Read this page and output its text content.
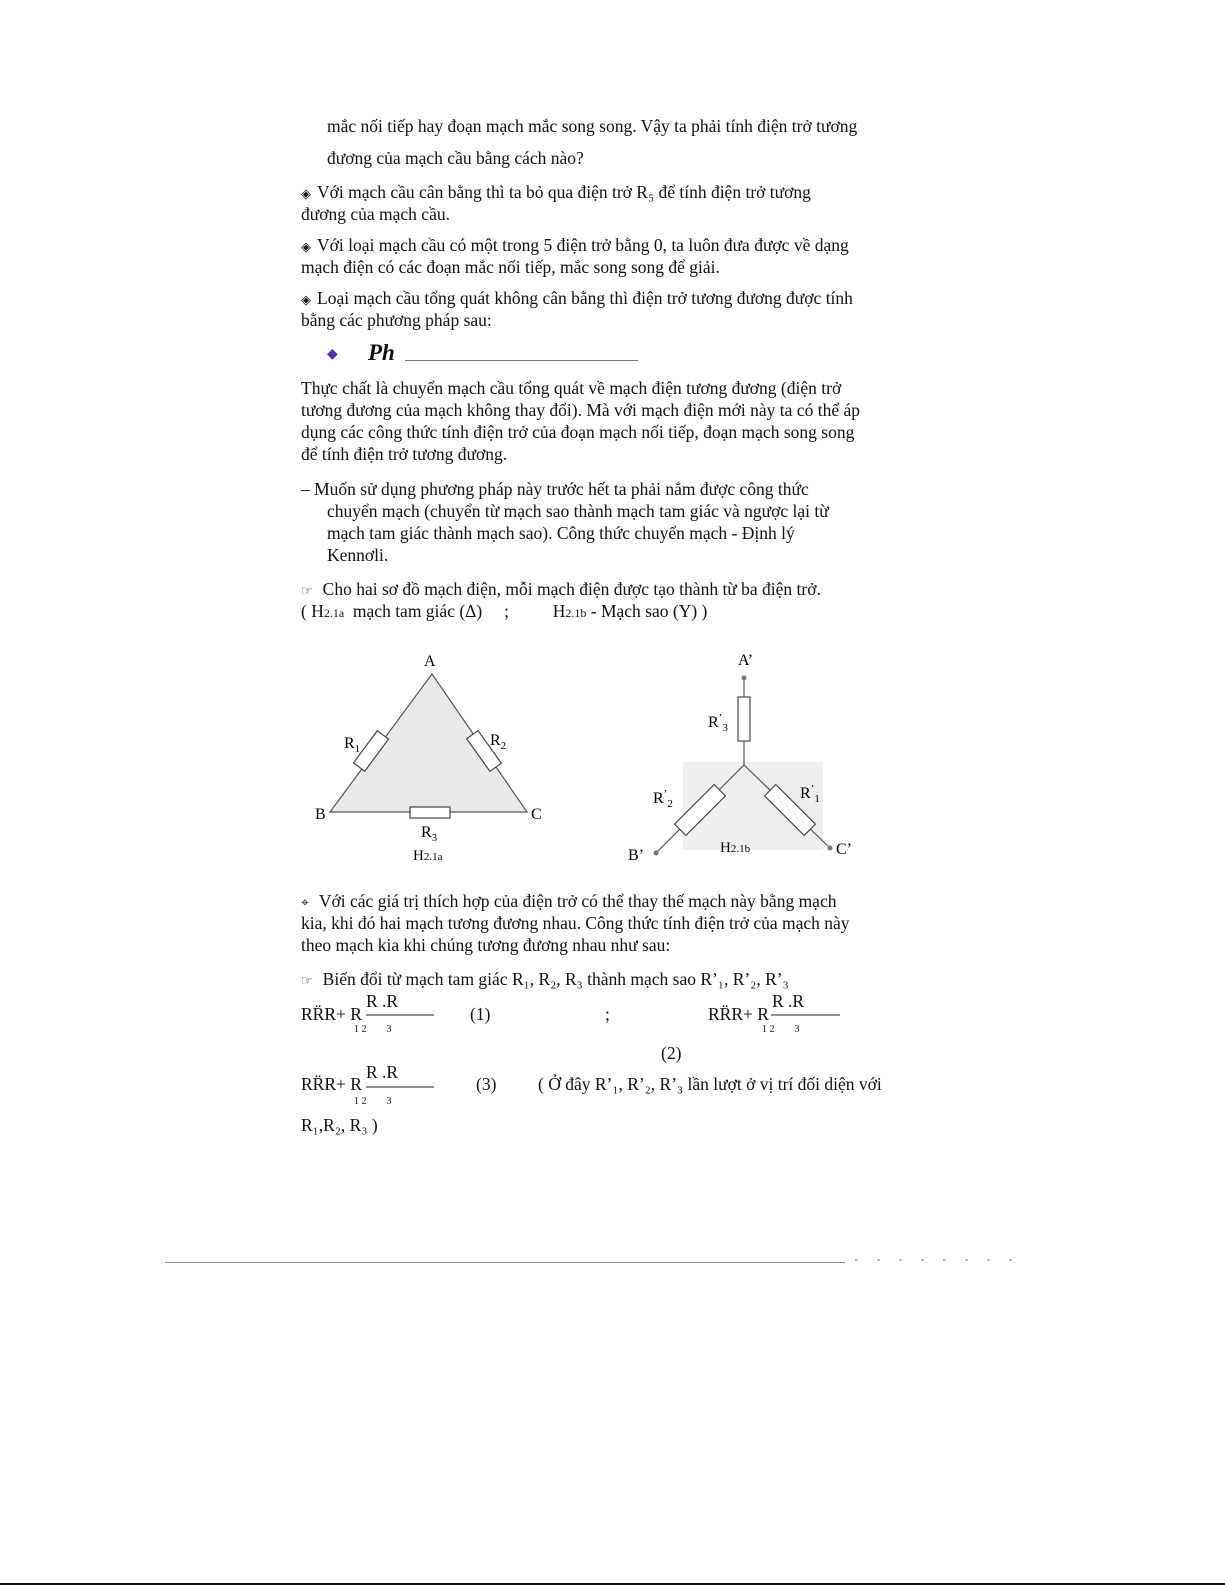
mắc nối tiếp hay đoạn mạch mắc song song. Vậy ta phải tính điện trở tương
đương của mạch cầu bằng cách nào?
◈ Với mạch cầu cân bằng thì ta bỏ qua điện trở R₅ để tính điện trở tương
đương của mạch cầu.
◈ Với loại mạch cầu có một trong 5 điện trở bằng 0, ta luôn đưa được về dạng
mạch điện có các đoạn mắc nối tiếp, mắc song song để giải.
◈ Loại mạch cầu tổng quát không cân bằng thì điện trở tương đương được tính
bằng các phương pháp sau:
◆ Ph
Thực chất là chuyển mạch cầu tổng quát về mạch điện tương đương (điện trở
tương đương của mạch không thay đổi). Mà với mạch điện mới này ta có thể áp
dụng các công thức tính điện trở của đoạn mạch nối tiếp, đoạn mạch song song
để tính điện trở tương đương.
– Muốn sử dụng phương pháp này trước hết ta phải nắm được công thức
chuyển mạch (chuyển từ mạch sao thành mạch tam giác và ngược lại từ
mạch tam giác thành mạch sao). Công thức chuyển mạch - Định lý
Kennơli.
☞ Cho hai sơ đồ mạch điện, mỗi mạch điện được tạo thành từ ba điện trở.
( H2.1a  mạch tam giác (Δ)     ;          H2.1b - Mạch sao (Y) )
A
B	C
$R_1$	$R_2$
$R_3$
H2.1a
A’
B’	C’
$R^’_3$
$R^’_2$
$R^’_1$
H2.1b
⌖ Với các giá trị thích hợp của điện trở có thể thay thế mạch này bằng mạch
kia, khi đó hai mạch tương đương nhau. Công thức tính điện trở của mạch này
theo mạch kia khi chúng tương đương nhau như sau:
☞ Biến đổi từ mạch tam giác R₁, R₂, R₃ thành mạch sao R’₁, R’₂, R’₃
RR̈R+ R
R .R
1 2        3
(1)	;	RR̈R+ R
R .R
1 2        3
(2)
RR̈R+ R
R .R
1 2        3
(3) ( Ở đây R’₁, R’₂, R’₃ lần lượt ở vị trí đối diện với
R₁,R₂, R₃ )
